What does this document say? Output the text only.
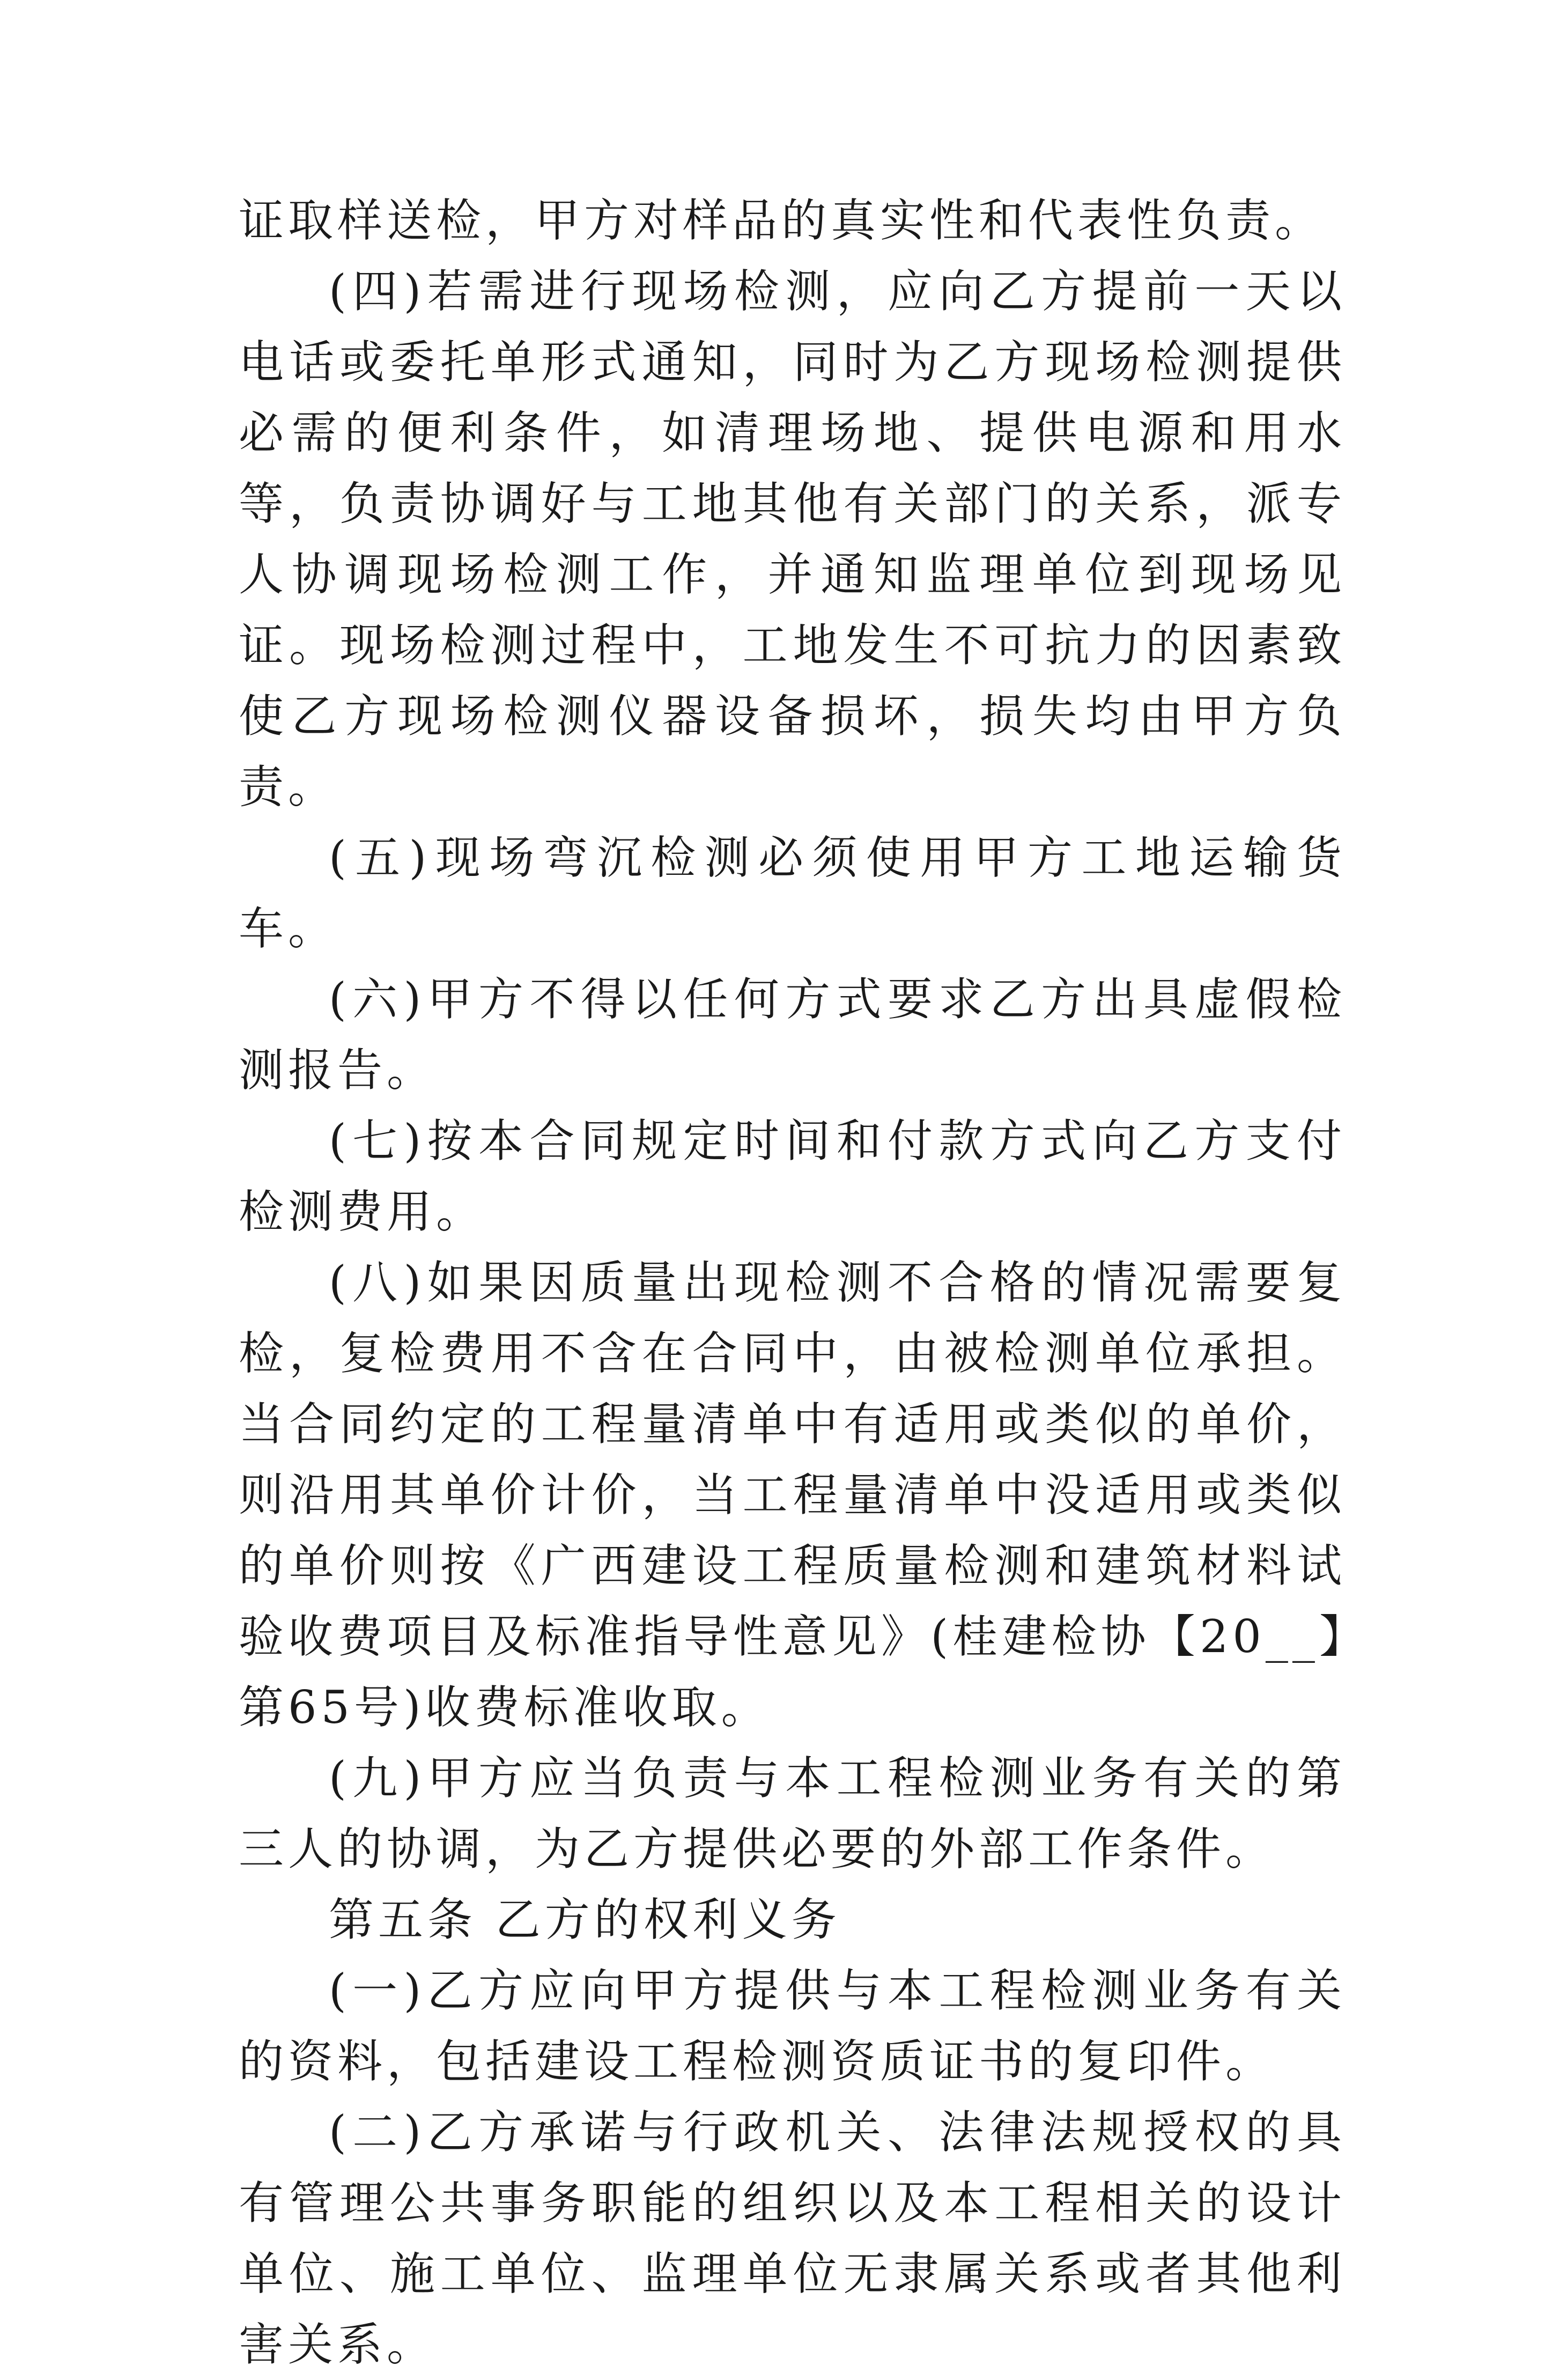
证取样送检，甲方对样品的真实性和代表性负责。

(四)若需进行现场检测，应向乙方提前一天以电话或委托单形式通知，同时为乙方现场检测提供必需的便利条件，如清理场地、提供电源和用水等，负责协调好与工地其他有关部门的关系，派专人协调现场检测工作，并通知监理单位到现场见证。现场检测过程中，工地发生不可抗力的因素致使乙方现场检测仪器设备损坏，损失均由甲方负责。

(五)现场弯沉检测必须使用甲方工地运输货车。

(六)甲方不得以任何方式要求乙方出具虚假检测报告。

(七)按本合同规定时间和付款方式向乙方支付检测费用。

(八)如果因质量出现检测不合格的情况需要复检，复检费用不含在合同中，由被检测单位承担。当合同约定的工程量清单中有适用或类似的单价，则沿用其单价计价，当工程量清单中没适用或类似的单价则按《广西建设工程质量检测和建筑材料试验收费项目及标准指导性意见》(桂建检协【20__】第65号)收费标准收取。

(九)甲方应当负责与本工程检测业务有关的第三人的协调，为乙方提供必要的外部工作条件。

第五条 乙方的权利义务

(一)乙方应向甲方提供与本工程检测业务有关的资料，包括建设工程检测资质证书的复印件。

(二)乙方承诺与行政机关、法律法规授权的具有管理公共事务职能的组织以及本工程相关的设计单位、施工单位、监理单位无隶属关系或者其他利害关系。
